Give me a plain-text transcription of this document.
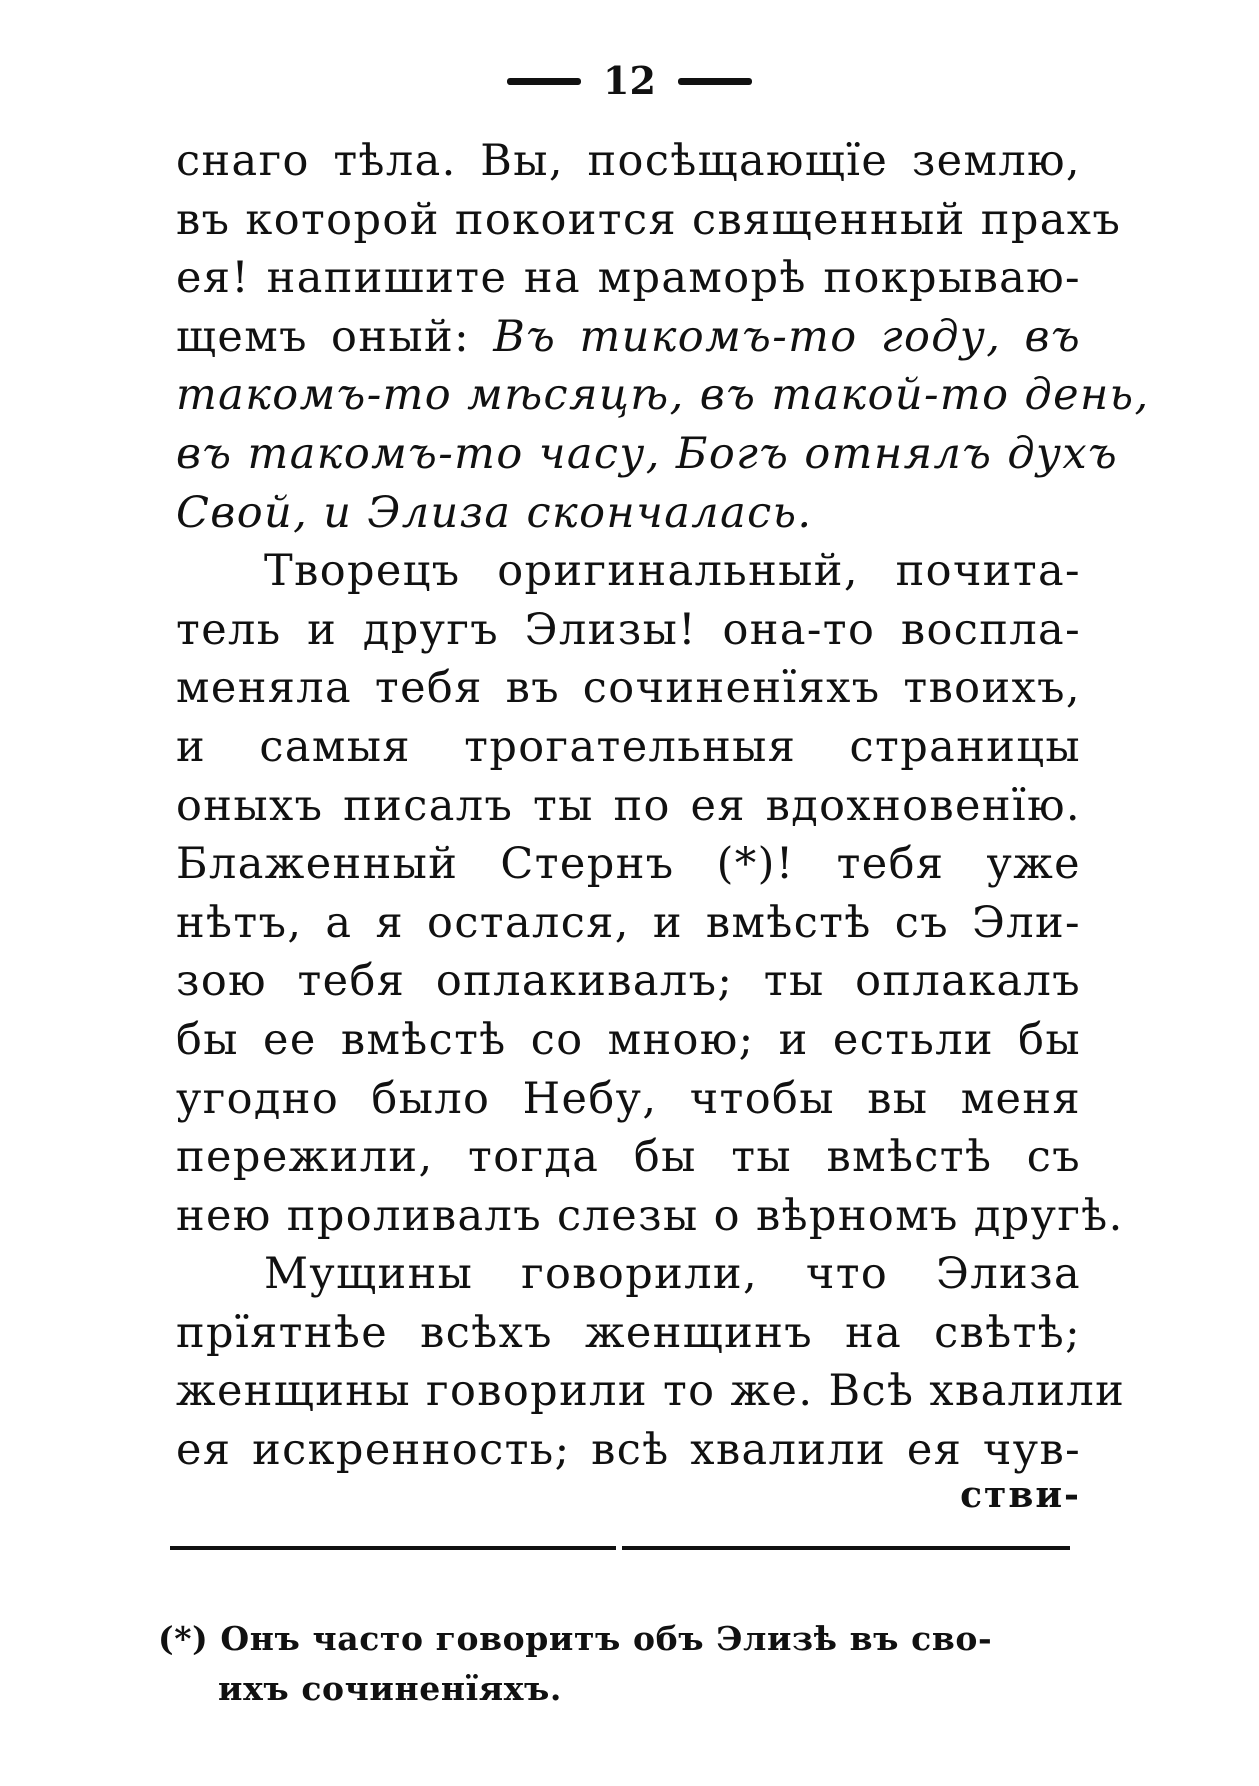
12
снаго тѣла. Вы, посѣщающїе землю,
въ которой покоится священный прахъ
ея! напишите на мраморѣ покрываю-
щемъ оный: Въ тикомъ-то году, въ
такомъ-то мѣсяцѣ, въ такой-то день,
въ такомъ-то часу, Богъ отнялъ духъ
Свой, и Элиза скончалась.
Творецъ оригинальный, почита-
тель и другъ Элизы! она-то воспла-
меняла тебя въ сочиненїяхъ твоихъ,
и самыя трогательныя страницы
оныхъ писалъ ты по ея вдохновенїю.
Блаженный Стернъ (*)! тебя уже
нѣтъ, а я остался, и вмѣстѣ съ Эли-
зою тебя оплакивалъ; ты оплакалъ
бы ее вмѣстѣ со мною; и естьли бы
угодно было Небу, чтобы вы меня
пережили, тогда бы ты вмѣстѣ съ
нею проливалъ слезы о вѣрномъ другѣ.
Мущины говорили, что Элиза
прїятнѣе всѣхъ женщинъ на свѣтѣ;
женщины говорили то же. Всѣ хвалили
ея искренность; всѣ хвалили ея чув-
стви-
(*) Онъ часто говоритъ объ Элизѣ въ сво-
ихъ сочиненїяхъ.
